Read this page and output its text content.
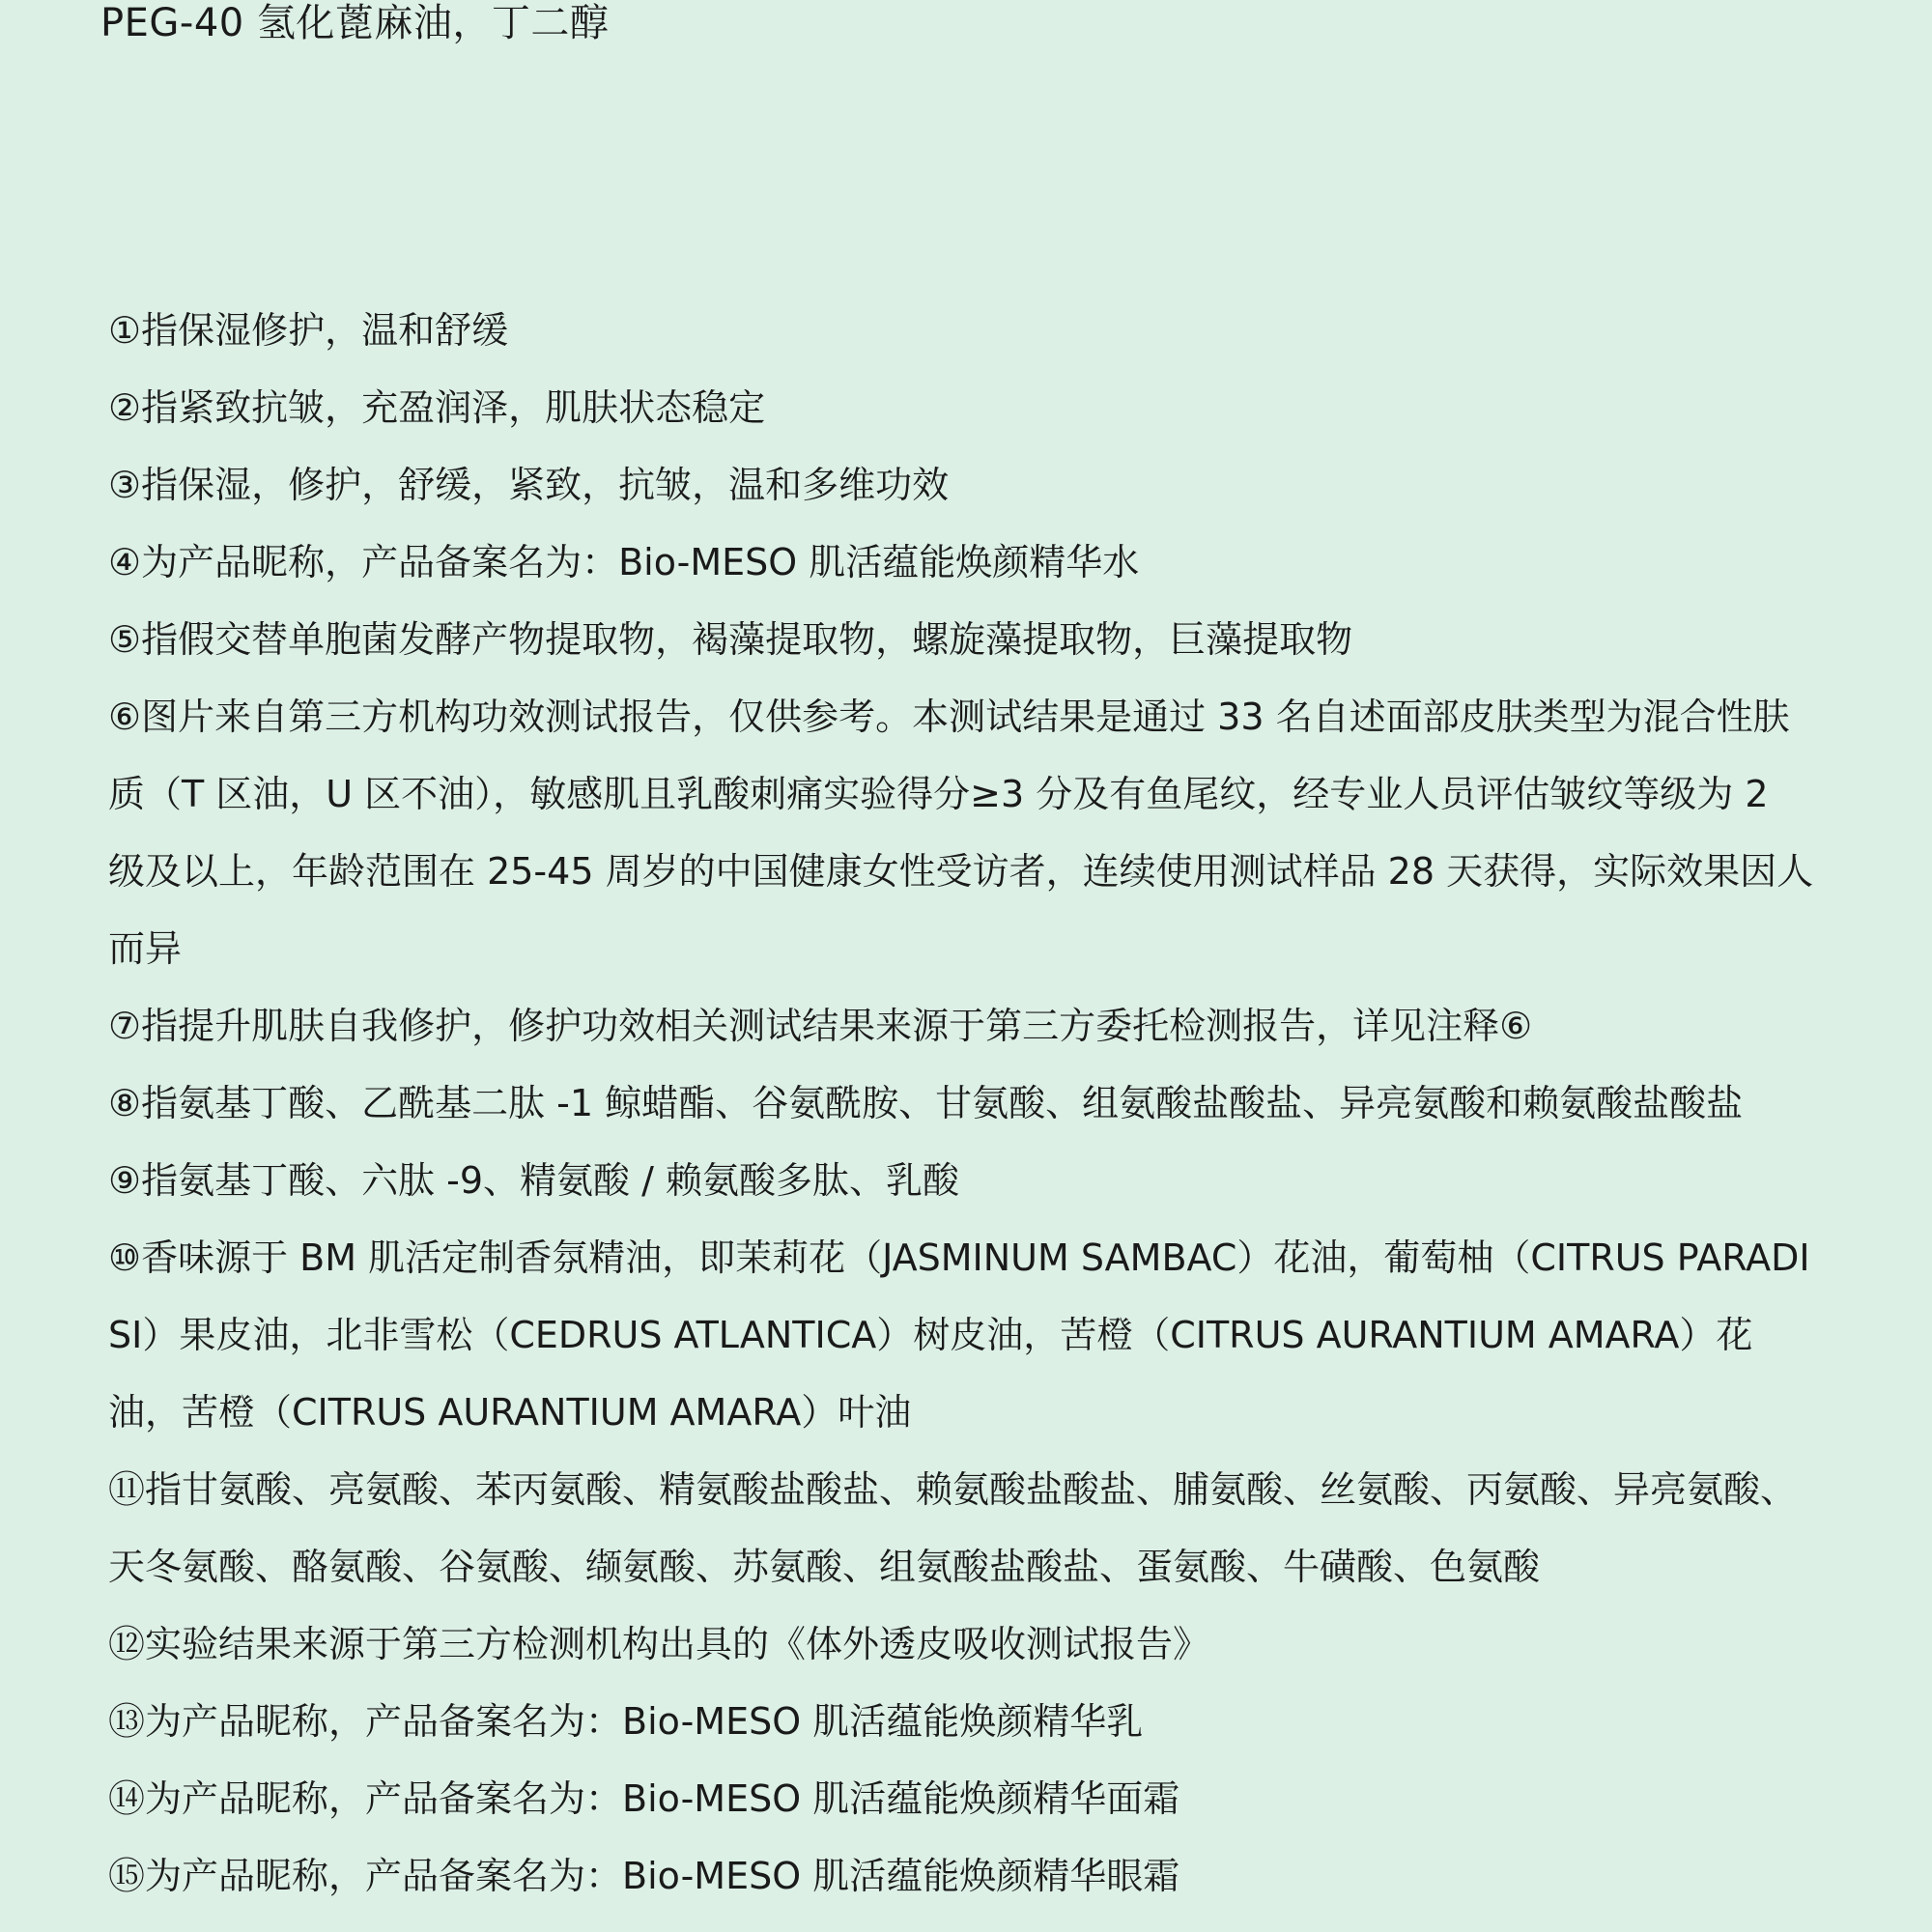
PEG-40 氢化蓖麻油，丁二醇
①指保湿修护，温和舒缓
②指紧致抗皱，充盈润泽，肌肤状态稳定
③指保湿，修护，舒缓，紧致，抗皱，温和多维功效
④为产品昵称，产品备案名为：Bio-MESO 肌活蕴能焕颜精华水
⑤指假交替单胞菌发酵产物提取物，褐藻提取物，螺旋藻提取物，巨藻提取物
⑥图片来自第三方机构功效测试报告，仅供参考。本测试结果是通过 33 名自述面部皮肤类型为混合性肤质（T 区油，U 区不油），敏感肌且乳酸刺痛实验得分≥3 分及有鱼尾纹，经专业人员评估皱纹等级为 2 级及以上，年龄范围在 25-45 周岁的中国健康女性受访者，连续使用测试样品 28 天获得，实际效果因人而异
⑦指提升肌肤自我修护，修护功效相关测试结果来源于第三方委托检测报告，详见注释⑥
⑧指氨基丁酸、乙酰基二肽 -1 鲸蜡酯、谷氨酰胺、甘氨酸、组氨酸盐酸盐、异亮氨酸和赖氨酸盐酸盐
⑨指氨基丁酸、六肽 -9、精氨酸 / 赖氨酸多肽、乳酸
⑩香味源于 BM 肌活定制香氛精油，即茉莉花（JASMINUM SAMBAC）花油，葡萄柚（CITRUS PARADISI）果皮油，北非雪松（CEDRUS ATLANTICA）树皮油，苦橙（CITRUS AURANTIUM AMARA）花油，苦橙（CITRUS AURANTIUM AMARA）叶油
⑪指甘氨酸、亮氨酸、苯丙氨酸、精氨酸盐酸盐、赖氨酸盐酸盐、脯氨酸、丝氨酸、丙氨酸、异亮氨酸、天冬氨酸、酪氨酸、谷氨酸、缬氨酸、苏氨酸、组氨酸盐酸盐、蛋氨酸、牛磺酸、色氨酸
⑫实验结果来源于第三方检测机构出具的《体外透皮吸收测试报告》
⑬为产品昵称，产品备案名为：Bio-MESO 肌活蕴能焕颜精华乳
⑭为产品昵称，产品备案名为：Bio-MESO 肌活蕴能焕颜精华面霜
⑮为产品昵称，产品备案名为：Bio-MESO 肌活蕴能焕颜精华眼霜
